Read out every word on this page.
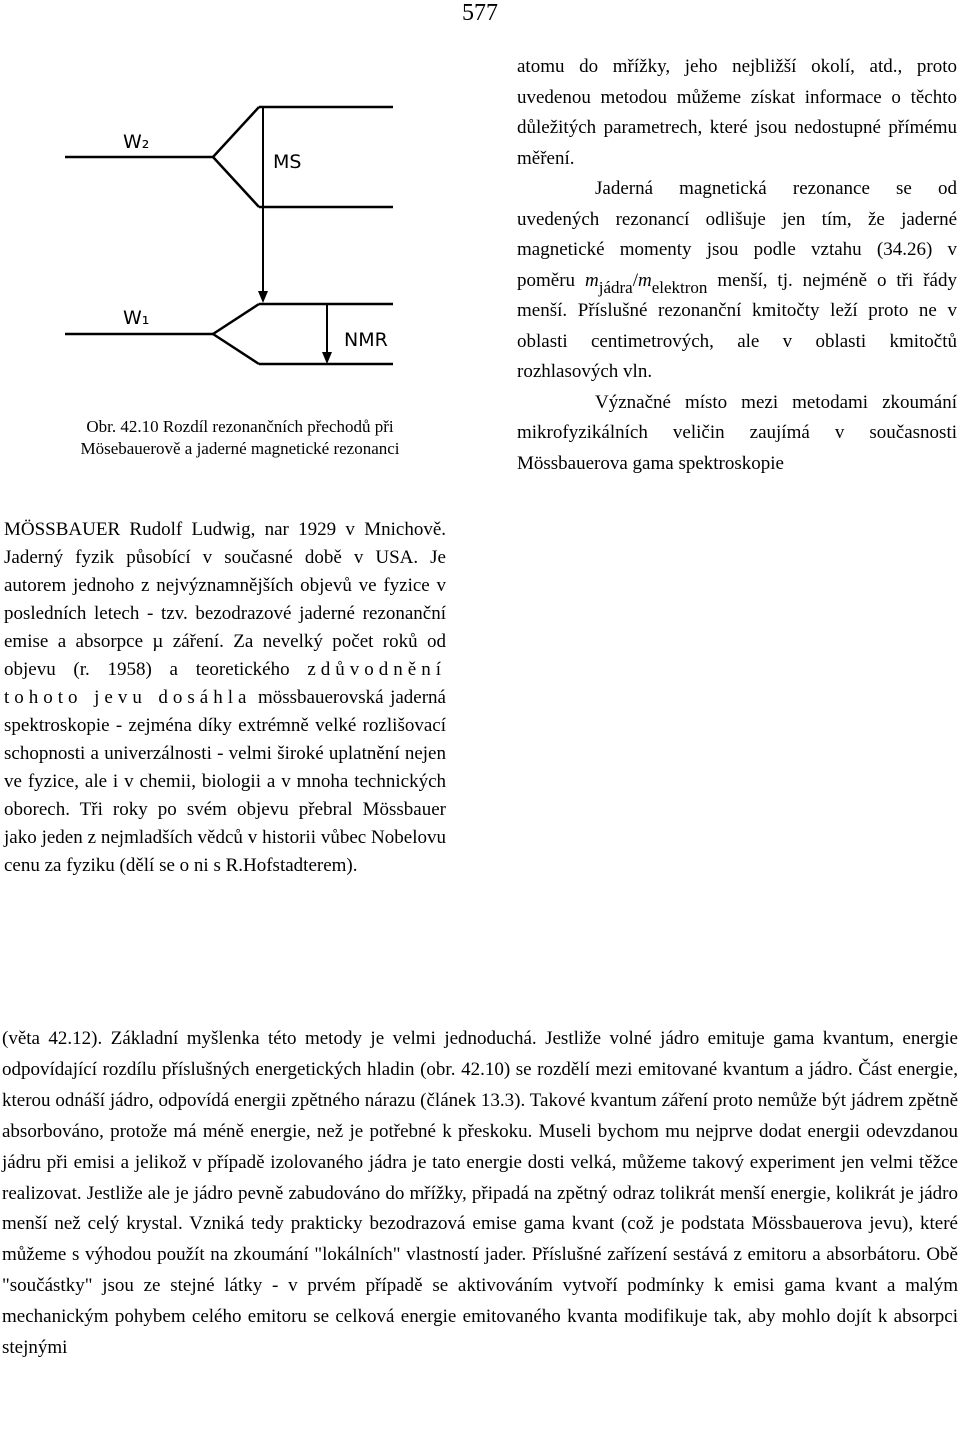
577
W₂
MS
W₁
NMR
Obr. 42.10 Rozdíl rezonančních přechodů při
Mösebauerově a jaderné magnetické rezonanci
MÖSSBAUER Rudolf Ludwig, nar 1929 v Mnichově. Jaderný fyzik působící v současné době v USA. Je autorem jednoho z nejvýznamnějších objevů ve fyzice v posledních letech - tzv. bezodrazové jaderné rezonanční emise a absorpce µ záření. Za nevelký počet roků od objevu (r. 1958) a teoretického zdůvodnění tohoto jevu dosáhla mössbauerovská jaderná spektroskopie - zejména díky extrémně velké rozlišovací schopnosti a univerzálnosti - velmi široké uplatnění nejen ve fyzice, ale i v chemii, biologii a v mnoha technických oborech. Tři roky po svém objevu přebral Mössbauer jako jeden z nejmladších vědců v historii vůbec Nobelovu cenu za fyziku (dělí se o ni s R.Hofstadterem).

atomu do mřížky, jeho nejbližší okolí, atd., proto uvedenou metodou můžeme získat informace o těchto důležitých parametrech, které jsou nedostupné přímému měření.

Jaderná magnetická rezonance se od uvedených rezonancí odlišuje jen tím, že jaderné magnetické momenty jsou podle vztahu (34.26) v poměru $m_{jádra}/m_{elektron}$ menší, tj. nejméně o tři řády menší. Příslušné rezonanční kmitočty leží proto ne v oblasti centimetrových, ale v oblasti kmitočtů rozhlasových vln.

Význačné místo mezi metodami zkoumání mikrofyzikálních veličin zaujímá v současnosti Mössbauerova gama spektroskopie

(věta 42.12). Základní myšlenka této metody je velmi jednoduchá. Jestliže volné jádro emituje gama kvantum, energie odpovídající rozdílu příslušných energetických hladin (obr. 42.10) se rozdělí mezi emitované kvantum a jádro. Část energie, kterou odnáší jádro, odpovídá energii zpětného nárazu (článek 13.3). Takové kvantum záření proto nemůže být jádrem zpětně absorbováno, protože má méně energie, než je potřebné k přeskoku. Museli bychom mu nejprve dodat energii odevzdanou jádru při emisi a jelikož v případě izolovaného jádra je tato energie dosti velká, můžeme takový experiment jen velmi těžce realizovat. Jestliže ale je jádro pevně zabudováno do mřížky, připadá na zpětný odraz tolikrát menší energie, kolikrát je jádro menší než celý krystal. Vzniká tedy prakticky bezodrazová emise gama kvant (což je podstata Mössbauerova jevu), které můžeme s výhodou použít na zkoumání "lokálních" vlastností jader. Příslušné zařízení sestává z emitoru a absorbátoru. Obě "součástky" jsou ze stejné látky - v prvém případě se aktivováním vytvoří podmínky k emisi gama kvant a malým mechanickým pohybem celého emitoru se celková energie emitovaného kvanta modifikuje tak, aby mohlo dojít k absorpci stejnými
